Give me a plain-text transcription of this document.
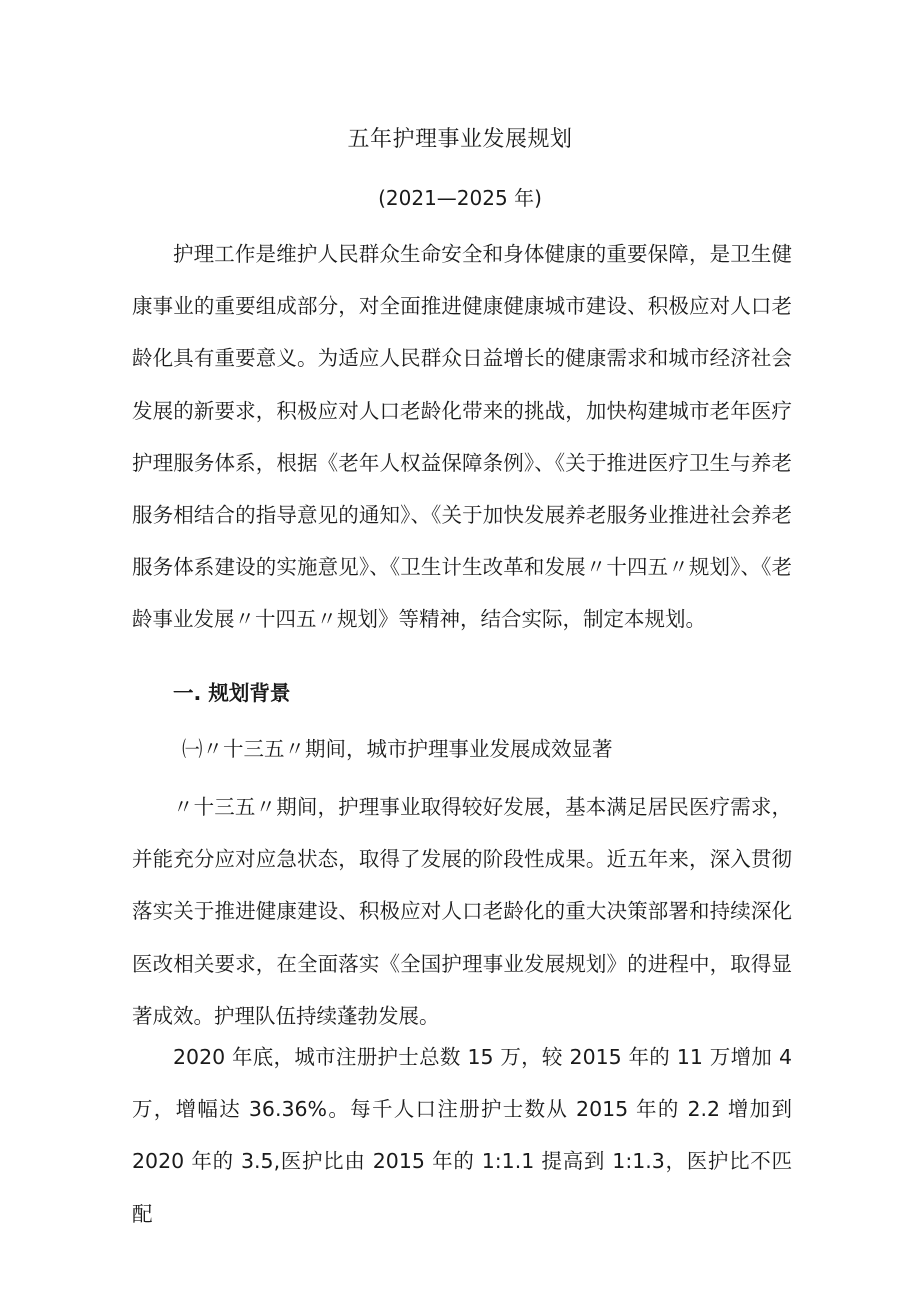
五年护理事业发展规划
(2021—2025 年)

护理工作是维护人民群众生命安全和身体健康的重要保障，是卫生健康事业的重要组成部分，对全面推进健康健康城市建设、积极应对人口老龄化具有重要意义。为适应人民群众日益增长的健康需求和城市经济社会发展的新要求，积极应对人口老龄化带来的挑战，加快构建城市老年医疗护理服务体系，根据《老年人权益保障条例》、《关于推进医疗卫生与养老服务相结合的指导意见的通知》、《关于加快发展养老服务业推进社会养老服务体系建设的实施意见》、《卫生计生改革和发展〃十四五〃规划》、《老龄事业发展〃十四五〃规划》等精神，结合实际，制定本规划。

一. 规划背景

㈠〃十三五〃期间，城市护理事业发展成效显著

〃十三五〃期间，护理事业取得较好发展，基本满足居民医疗需求，并能充分应对应急状态，取得了发展的阶段性成果。近五年来，深入贯彻落实关于推进健康建设、积极应对人口老龄化的重大决策部署和持续深化医改相关要求，在全面落实《全国护理事业发展规划》的进程中，取得显著成效。护理队伍持续蓬勃发展。

2020 年底，城市注册护士总数 15 万，较 2015 年的 11 万增加 4 万，增幅达 36.36%。每千人口注册护士数从 2015 年的 2.2 增加到 2020 年的 3.5,医护比由 2015 年的 1:1.1 提高到 1:1.3，医护比不匹配
